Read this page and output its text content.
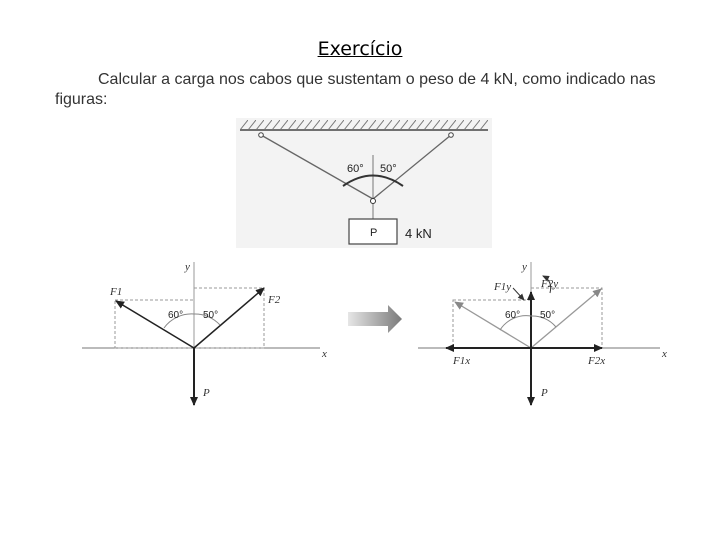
Exercício
Calcular a carga nos cabos que sustentam o peso de 4 kN, como indicado nas
figuras:
60° 50°
P 4 kN
y
x
F1
F2
60° 50°
P
y
x
F1y	F2y
F1x	F2x
60° 50°
P
